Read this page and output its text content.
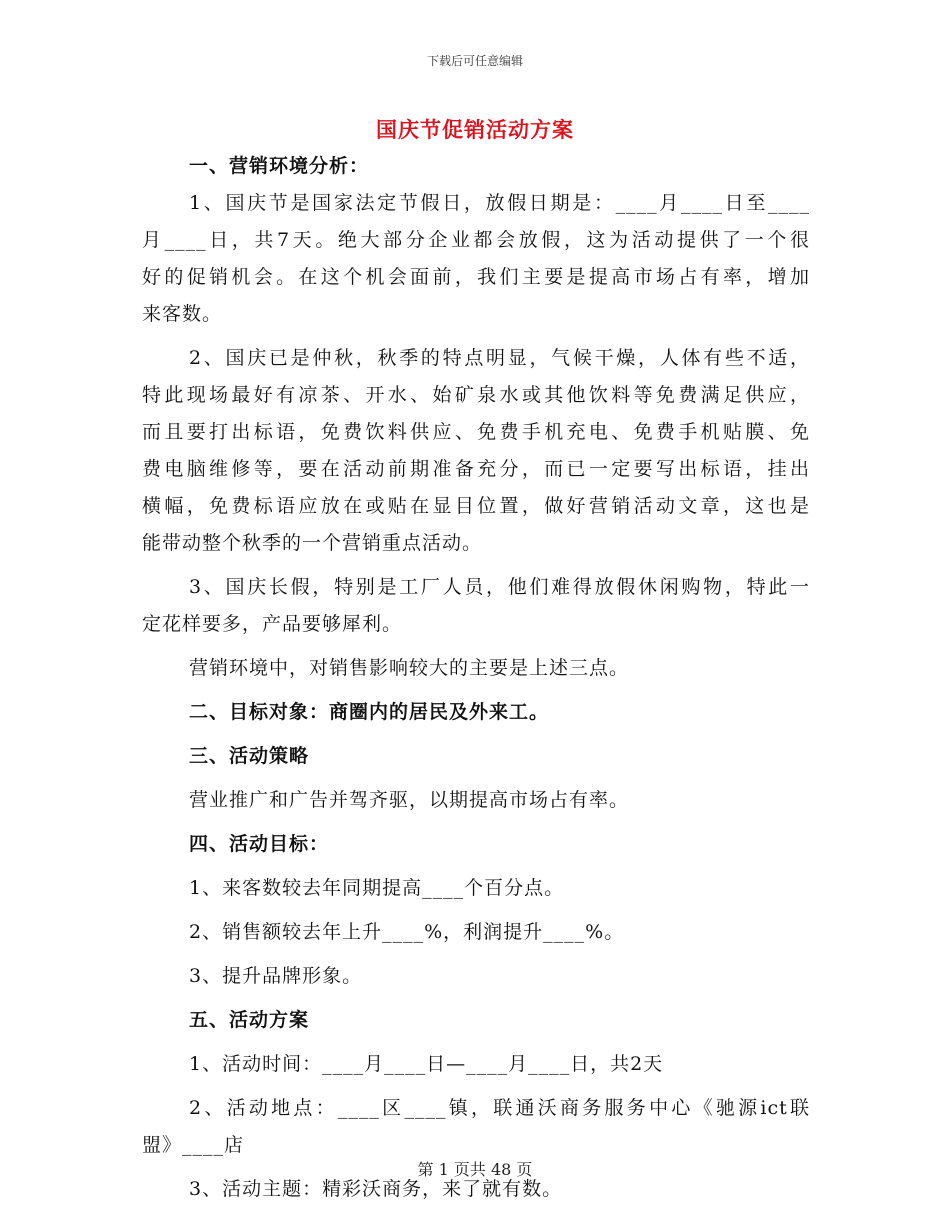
下载后可任意编辑
国庆节促销活动方案
一、营销环境分析：
1、国庆节是国家法定节假日，放假日期是：____月____日至____
月____日，共7天。绝大部分企业都会放假，这为活动提供了一个很
好的促销机会。在这个机会面前，我们主要是提高市场占有率，增加
来客数。
2、国庆已是仲秋，秋季的特点明显，气候干燥，人体有些不适，
特此现场最好有凉茶、开水、始矿泉水或其他饮料等免费满足供应，
而且要打出标语，免费饮料供应、免费手机充电、免费手机贴膜、免
费电脑维修等，要在活动前期准备充分，而已一定要写出标语，挂出
横幅，免费标语应放在或贴在显目位置，做好营销活动文章，这也是
能带动整个秋季的一个营销重点活动。
3、国庆长假，特别是工厂人员，他们难得放假休闲购物，特此一
定花样要多，产品要够犀利。
营销环境中，对销售影响较大的主要是上述三点。
二、目标对象：商圈内的居民及外来工。
三、活动策略
营业推广和广告并驾齐驱，以期提高市场占有率。
四、活动目标：
1、来客数较去年同期提高____个百分点。
2、销售额较去年上升____%，利润提升____%。
3、提升品牌形象。
五、活动方案
1、活动时间：____月____日—____月____日，共2天
2、活动地点：____区____镇，联通沃商务服务中心《驰源ict联
盟》____店
3、活动主题：精彩沃商务，来了就有数。
第 1 页共 48 页
